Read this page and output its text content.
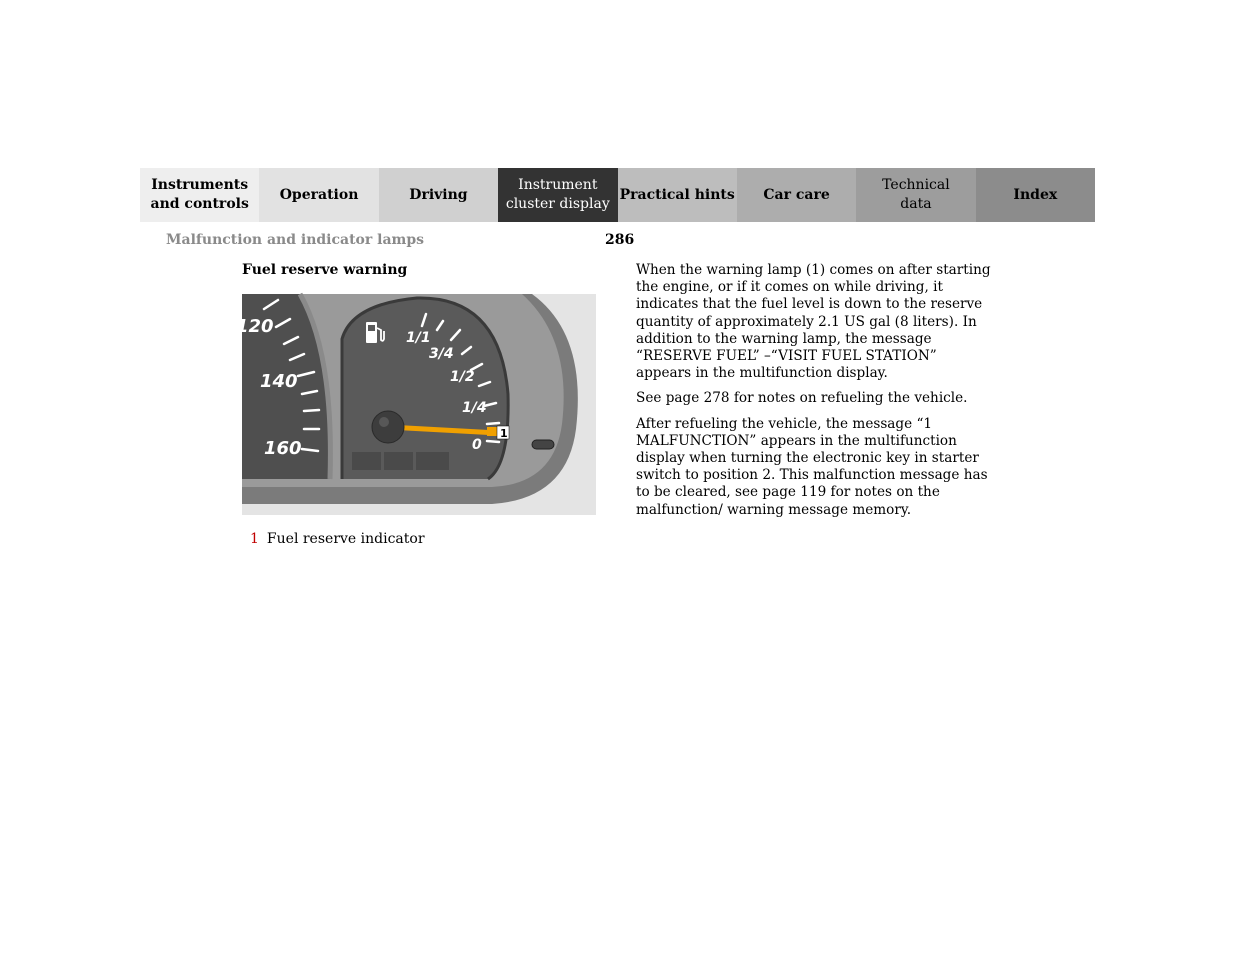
Instruments
and controls
Operation	Driving
Instrument
cluster display
Practical hints Car care
Technical
data
Index
Malfunction and indicator lamps	286
Fuel reserve warning
120
140
160
1/1
3/4
1/2
1/4
0
1
1 Fuel reserve indicator

When the warning lamp (1) comes on after starting the engine, or if it comes on while driving, it indicates that the fuel level is down to the reserve quantity of approximately 2.1 US gal (8 liters). In addition to the warning lamp, the message “RESERVE FUEL” –“VISIT FUEL STATION” appears in the multifunction display.

See page 278 for notes on refueling the vehicle.

After refueling the vehicle, the message “1 MALFUNCTION” appears in the multifunction display when turning the electronic key in starter switch to position 2. This malfunction message has to be cleared, see page 119 for notes on the malfunction/ warning message memory.
